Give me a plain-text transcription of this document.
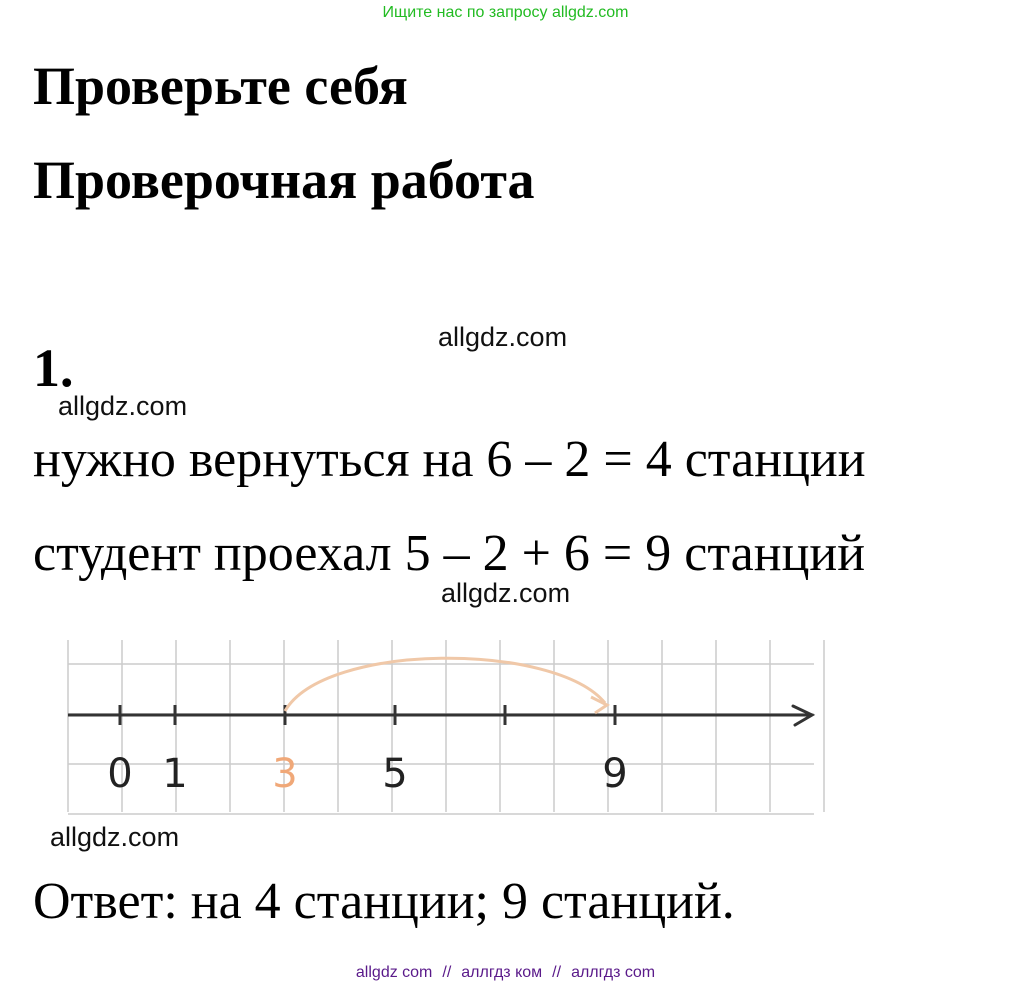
Ищите нас по запросу allgdz.com
Проверьте себя
Проверочная работа
1.
allgdz.com
allgdz.com
нужно вернуться на 6 – 2 = 4 станции
студент проехал 5 – 2 + 6 = 9 станций
allgdz.com
0 1 3 5	9
allgdz.com
Ответ: на 4 станции; 9 станций.
allgdz com // аллгдз ком // аллгдз com
